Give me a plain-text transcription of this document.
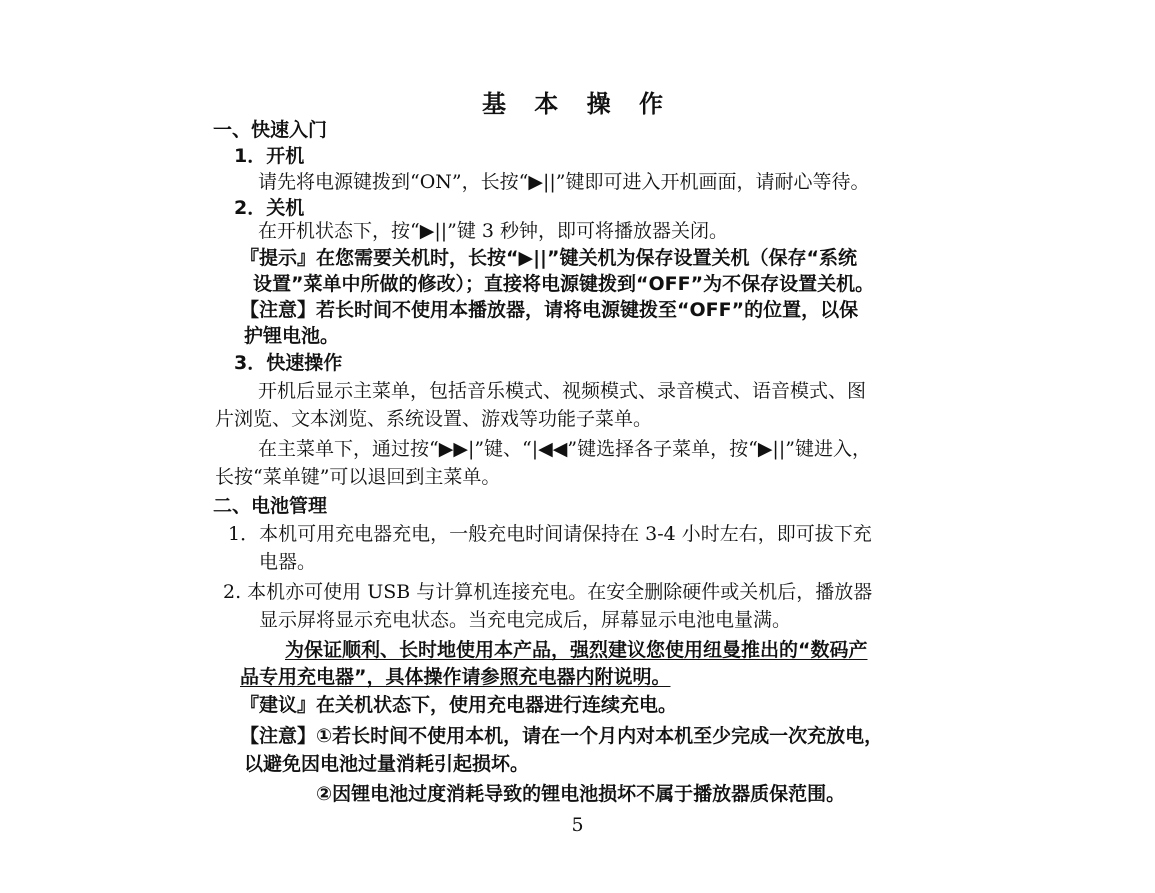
基 本 操 作

一、快速入门

1．开机

请先将电源键拨到“ON”，长按“▶||”键即可进入开机画面，请耐心等待。

2．关机

在开机状态下，按“▶||”键 3 秒钟，即可将播放器关闭。

『提示』在您需要关机时，长按“▶||”键关机为保存设置关机（保存“系统

设置”菜单中所做的修改）；直接将电源键拨到“OFF”为不保存设置关机。

【注意】若长时间不使用本播放器，请将电源键拨至“OFF”的位置，以保

护锂电池。

3．快速操作

开机后显示主菜单，包括音乐模式、视频模式、录音模式、语音模式、图

片浏览、文本浏览、系统设置、游戏等功能子菜单。

在主菜单下，通过按“▶▶|”键、“|◀◀”键选择各子菜单，按“▶||”键进入，

长按“菜单键”可以退回到主菜单。

二、电池管理

1．本机可用充电器充电，一般充电时间请保持在 3-4 小时左右，即可拔下充

电器。

2. 本机亦可使用 USB 与计算机连接充电。在安全删除硬件或关机后，播放器

显示屏将显示充电状态。当充电完成后，屏幕显示电池电量满。

为保证顺利、长时地使用本产品，强烈建议您使用纽曼推出的“数码产

品专用充电器”，具体操作请参照充电器内附说明。

『建议』在关机状态下，使用充电器进行连续充电。

【注意】①若长时间不使用本机，请在一个月内对本机至少完成一次充放电，

以避免因电池过量消耗引起损坏。

②因锂电池过度消耗导致的锂电池损坏不属于播放器质保范围。

5
